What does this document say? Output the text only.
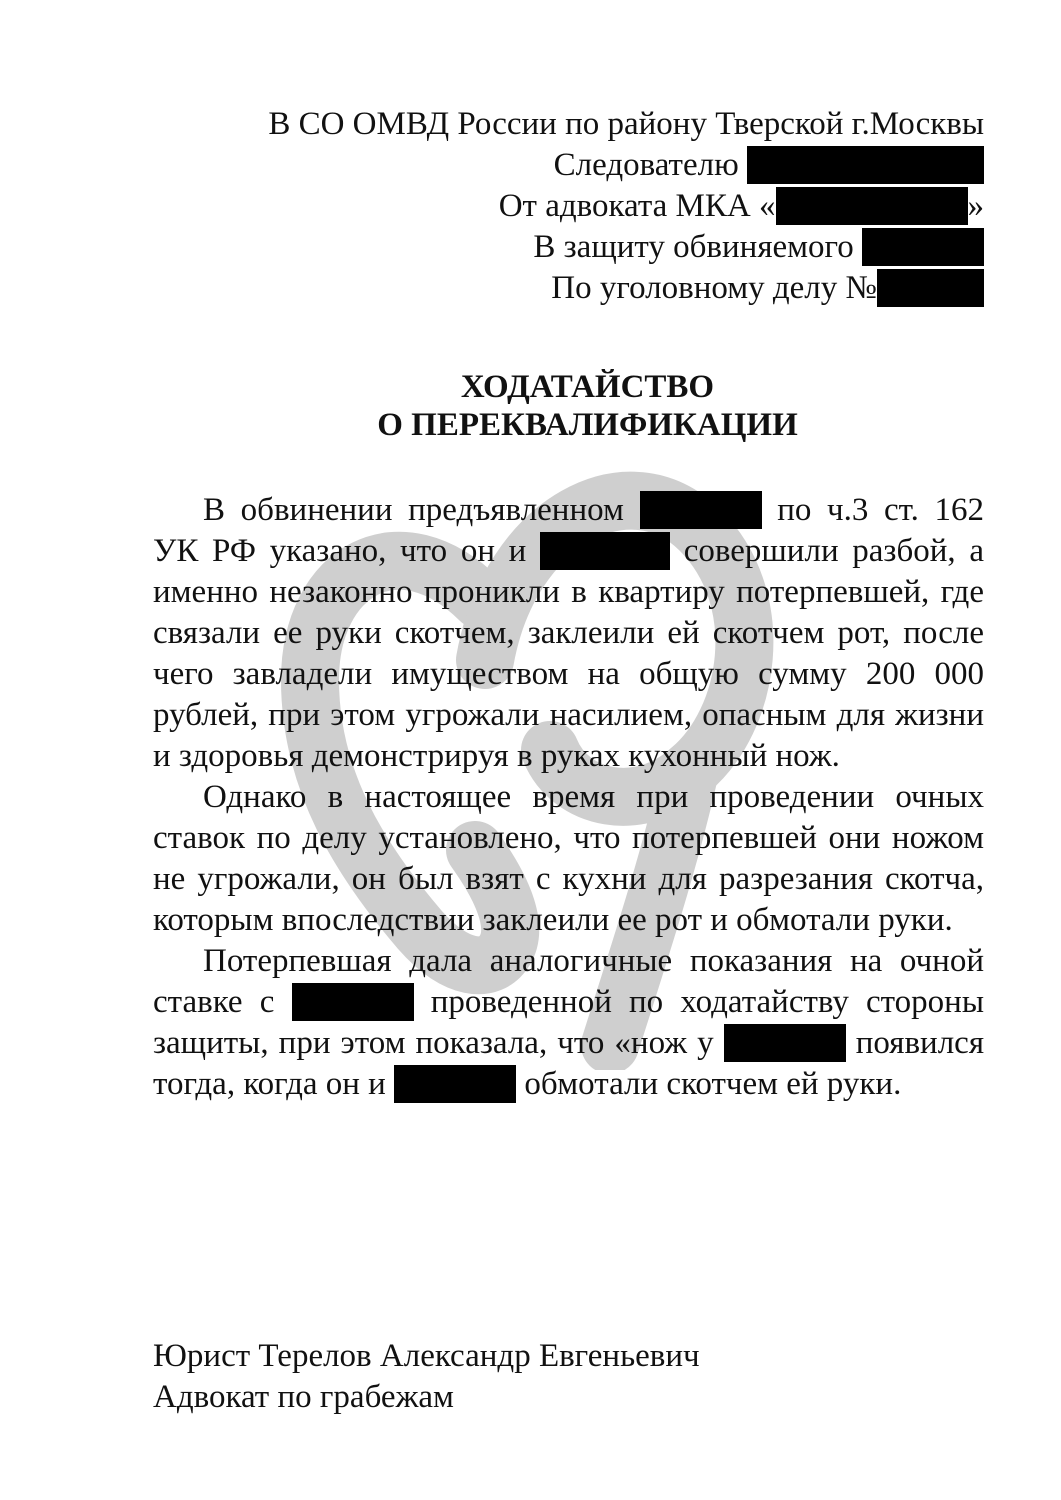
В СО ОМВД России по району Тверской г.Москвы
Следователю
От адвоката МКА «	»
В защиту обвиняемого
По уголовному делу №
ХОДАТАЙСТВО
О ПЕРЕКВАЛИФИКАЦИИ

В обвинении предъявленном	по ч.3 ст. 162 УК РФ указано, что он и	совершили разбой, а именно незаконно проникли в квартиру потерпевшей, где связали ее руки скотчем, заклеили ей скотчем рот, после чего завладели имуществом на общую сумму 200 000 рублей, при этом угрожали насилием, опасным для жизни и здоровья демонстрируя в руках кухонный нож.

Однако в настоящее время при проведении очных ставок по делу установлено, что потерпевшей они ножом не угрожали, он был взят с кухни для разрезания скотча, которым впоследствии заклеили ее рот и обмотали руки.

Потерпевшая дала аналогичные показания на очной ставке с	проведенной по ходатайству стороны защиты, при этом показала, что «нож у	появился тогда, когда он и	обмотали скотчем ей руки.

Юрист Терелов Александр Евгеньевич
Адвокат по грабежам
